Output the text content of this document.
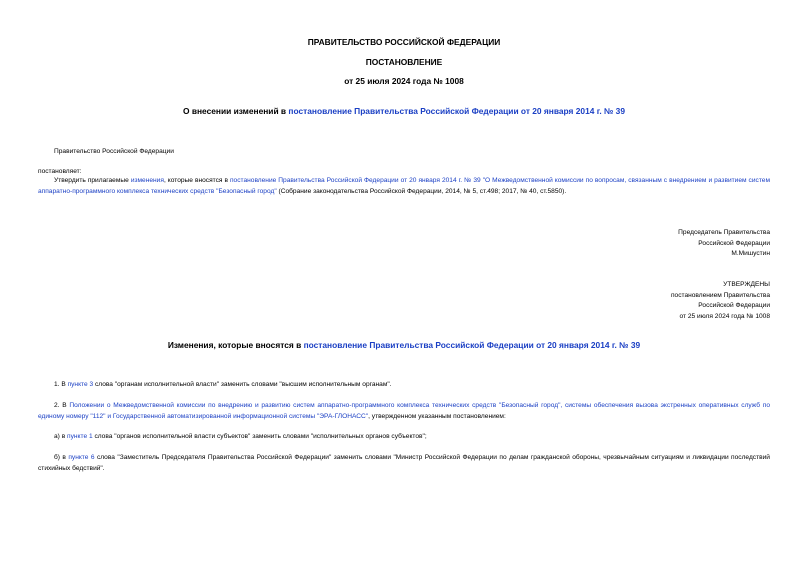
ПРАВИТЕЛЬСТВО РОССИЙСКОЙ ФЕДЕРАЦИИ
ПОСТАНОВЛЕНИЕ
от 25 июля 2024 года № 1008
О внесении изменений в постановление Правительства Российской Федерации от 20 января 2014 г. № 39
Правительство Российской Федерации
постановляет:
Утвердить прилагаемые изменения, которые вносятся в постановление Правительства Российской Федерации от 20 января 2014 г. № 39 "О Межведомственной комиссии по вопросам, связанным с внедрением и развитием систем аппаратно-программного комплекса технических средств "Безопасный город" (Собрание законодательства Российской Федерации, 2014, № 5, ст.498; 2017, № 40, ст.5850).
Председатель Правительства
Российской Федерации
М.Мишустин
УТВЕРЖДЕНЫ
постановлением Правительства
Российской Федерации
от 25 июля 2024 года № 1008
Изменения, которые вносятся в постановление Правительства Российской Федерации от 20 января 2014 г. № 39
1. В пункте 3 слова "органам исполнительной власти" заменить словами "высшим исполнительным органам".
2. В Положении о Межведомственной комиссии по внедрению и развитию систем аппаратно-программного комплекса технических средств "Безопасный город", системы обеспечения вызова экстренных оперативных служб по единому номеру "112" и Государственной автоматизированной информационной системы "ЭРА-ГЛОНАСС", утвержденном указанным постановлением:
а) в пункте 1 слова "органов исполнительной власти субъектов" заменить словами "исполнительных органов субъектов";
б) в пункте 6 слова "Заместитель Председателя Правительства Российской Федерации" заменить словами "Министр Российской Федерации по делам гражданской обороны, чрезвычайным ситуациям и ликвидации последствий стихийных бедствий".
